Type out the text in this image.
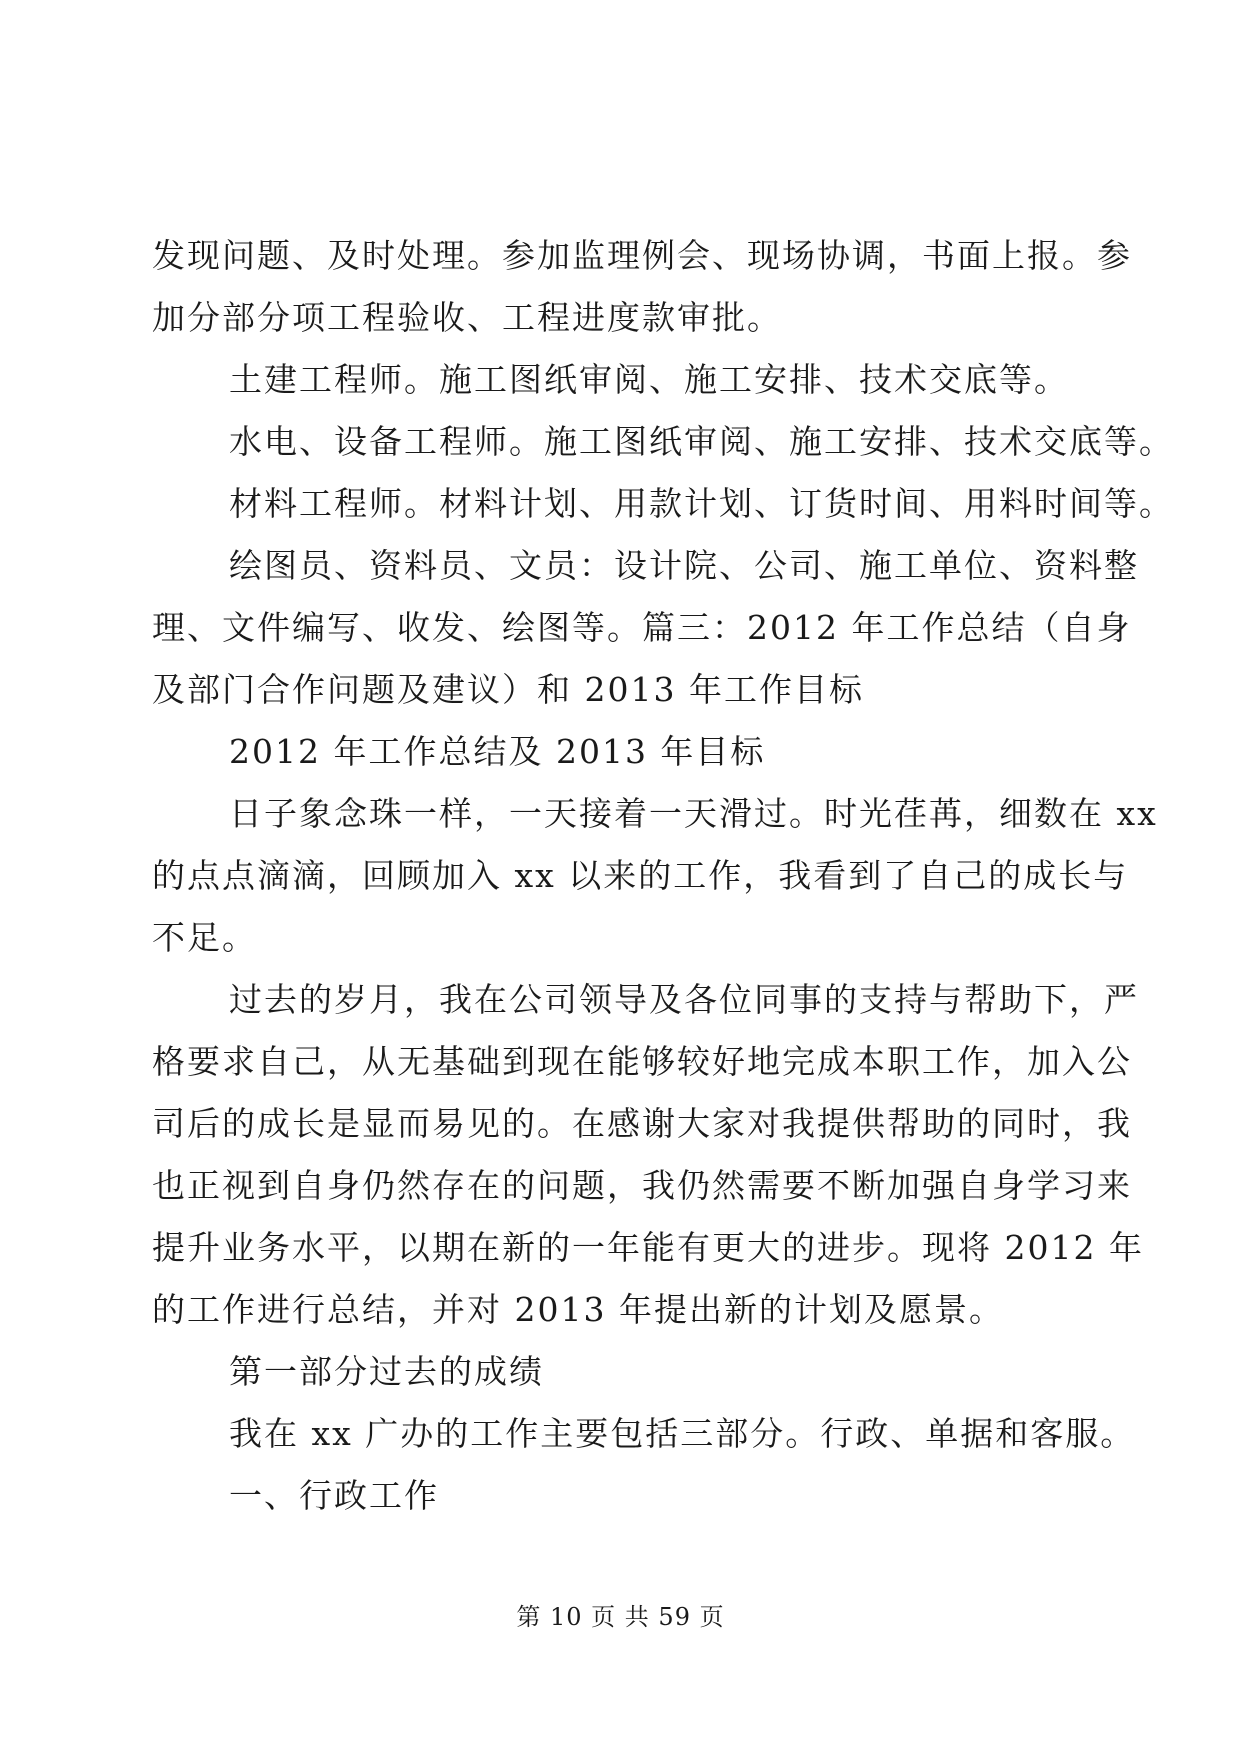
发现问题、及时处理。参加监理例会、现场协调，书面上报。参
加分部分项工程验收、工程进度款审批。
土建工程师。施工图纸审阅、施工安排、技术交底等。
水电、设备工程师。施工图纸审阅、施工安排、技术交底等。
材料工程师。材料计划、用款计划、订货时间、用料时间等。
绘图员、资料员、文员：设计院、公司、施工单位、资料整
理、文件编写、收发、绘图等。篇三：2012 年工作总结（自身
及部门合作问题及建议）和 2013 年工作目标
2012 年工作总结及 2013 年目标
日子象念珠一样，一天接着一天滑过。时光荏苒，细数在 xx
的点点滴滴，回顾加入 xx 以来的工作，我看到了自己的成长与
不足。
过去的岁月，我在公司领导及各位同事的支持与帮助下，严
格要求自己，从无基础到现在能够较好地完成本职工作，加入公
司后的成长是显而易见的。在感谢大家对我提供帮助的同时，我
也正视到自身仍然存在的问题，我仍然需要不断加强自身学习来
提升业务水平，以期在新的一年能有更大的进步。现将 2012 年
的工作进行总结，并对 2013 年提出新的计划及愿景。
第一部分过去的成绩
我在 xx 广办的工作主要包括三部分。行政、单据和客服。
一、行政工作
第 10 页 共 59 页
